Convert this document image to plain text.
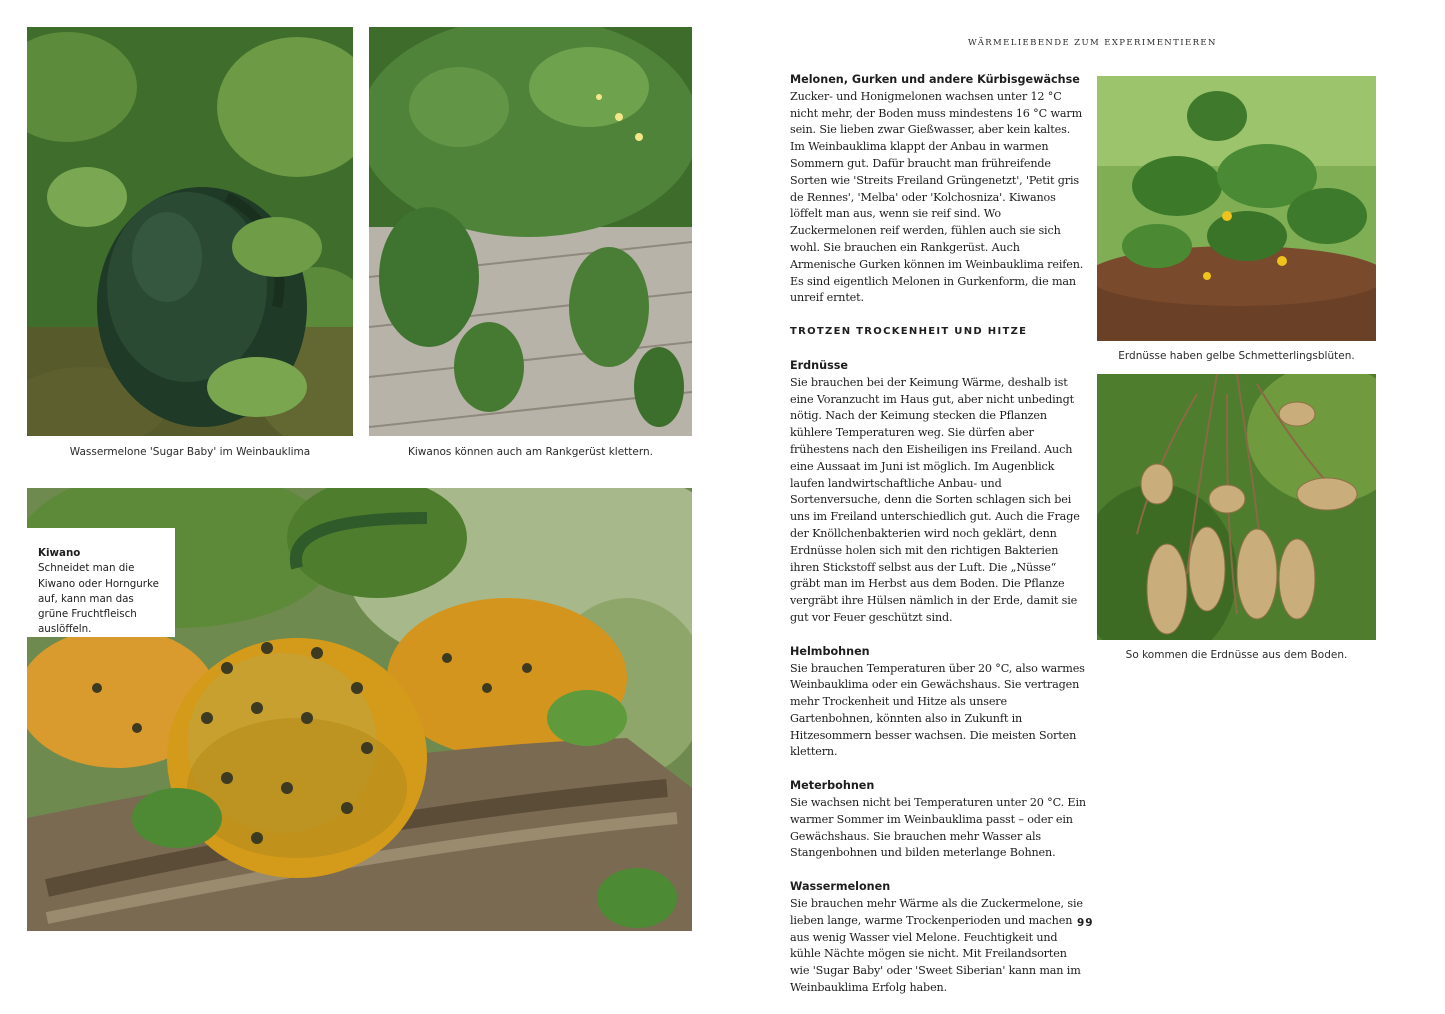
Wassermelone 'Sugar Baby' im Weinbauklima	Kiwanos können auch am Rankgerüst klettern.
Kiwano
Schneidet man die Kiwano oder Horngurke auf, kann man das grüne Fruchtfleisch auslöffeln.
WÄRMELIEBENDE ZUM EXPERIMENTIEREN
Melonen, Gurken und andere Kürbisgewächse

Zucker- und Honigmelonen wachsen unter 12 °C nicht mehr, der Boden muss mindestens 16 °C warm sein. Sie lieben zwar Gießwasser, aber kein kaltes. Im Weinbauklima klappt der Anbau in warmen Sommern gut. Dafür braucht man frühreifende Sorten wie 'Streits Freiland Grüngenetzt', 'Petit gris de Rennes', 'Melba' oder 'Kolchosniza'. Kiwanos löffelt man aus, wenn sie reif sind. Wo Zuckermelonen reif werden, fühlen auch sie sich wohl. Sie brauchen ein Rankgerüst. Auch Armenische Gurken können im Weinbauklima reifen. Es sind eigentlich Melonen in Gurkenform, die man unreif erntet.

TROTZEN TROCKENHEIT UND HITZE
Erdnüsse

Sie brauchen bei der Keimung Wärme, deshalb ist eine Voranzucht im Haus gut, aber nicht unbedingt nötig. Nach der Keimung stecken die Pflanzen kühlere Temperaturen weg. Sie dürfen aber frühestens nach den Eisheiligen ins Freiland. Auch eine Aussaat im Juni ist möglich. Im Augenblick laufen landwirtschaftliche Anbau- und Sortenversuche, denn die Sorten schlagen sich bei uns im Freiland unterschiedlich gut. Auch die Frage der Knöllchenbakterien wird noch geklärt, denn Erdnüsse holen sich mit den richtigen Bakterien ihren Stickstoff selbst aus der Luft. Die „Nüsse“ gräbt man im Herbst aus dem Boden. Die Pflanze vergräbt ihre Hülsen nämlich in der Erde, damit sie gut vor Feuer geschützt sind.

Helmbohnen

Sie brauchen Temperaturen über 20 °C, also warmes Weinbauklima oder ein Gewächshaus. Sie vertragen mehr Trockenheit und Hitze als unsere Gartenbohnen, könnten also in Zukunft in Hitzesommern besser wachsen. Die meisten Sorten klettern.

Meterbohnen

Sie wachsen nicht bei Temperaturen unter 20 °C. Ein warmer Sommer im Weinbauklima passt – oder ein Gewächshaus. Sie brauchen mehr Wasser als Stangenbohnen und bilden meterlange Bohnen.

Wassermelonen

Sie brauchen mehr Wärme als die Zuckermelone, sie lieben lange, warme Trockenperioden und machen aus wenig Wasser viel Melone. Feuchtigkeit und kühle Nächte mögen sie nicht. Mit Freilandsorten wie 'Sugar Baby' oder 'Sweet Siberian' kann man im Weinbauklima Erfolg haben.

Erdnüsse haben gelbe Schmetterlingsblüten.
So kommen die Erdnüsse aus dem Boden.
99
